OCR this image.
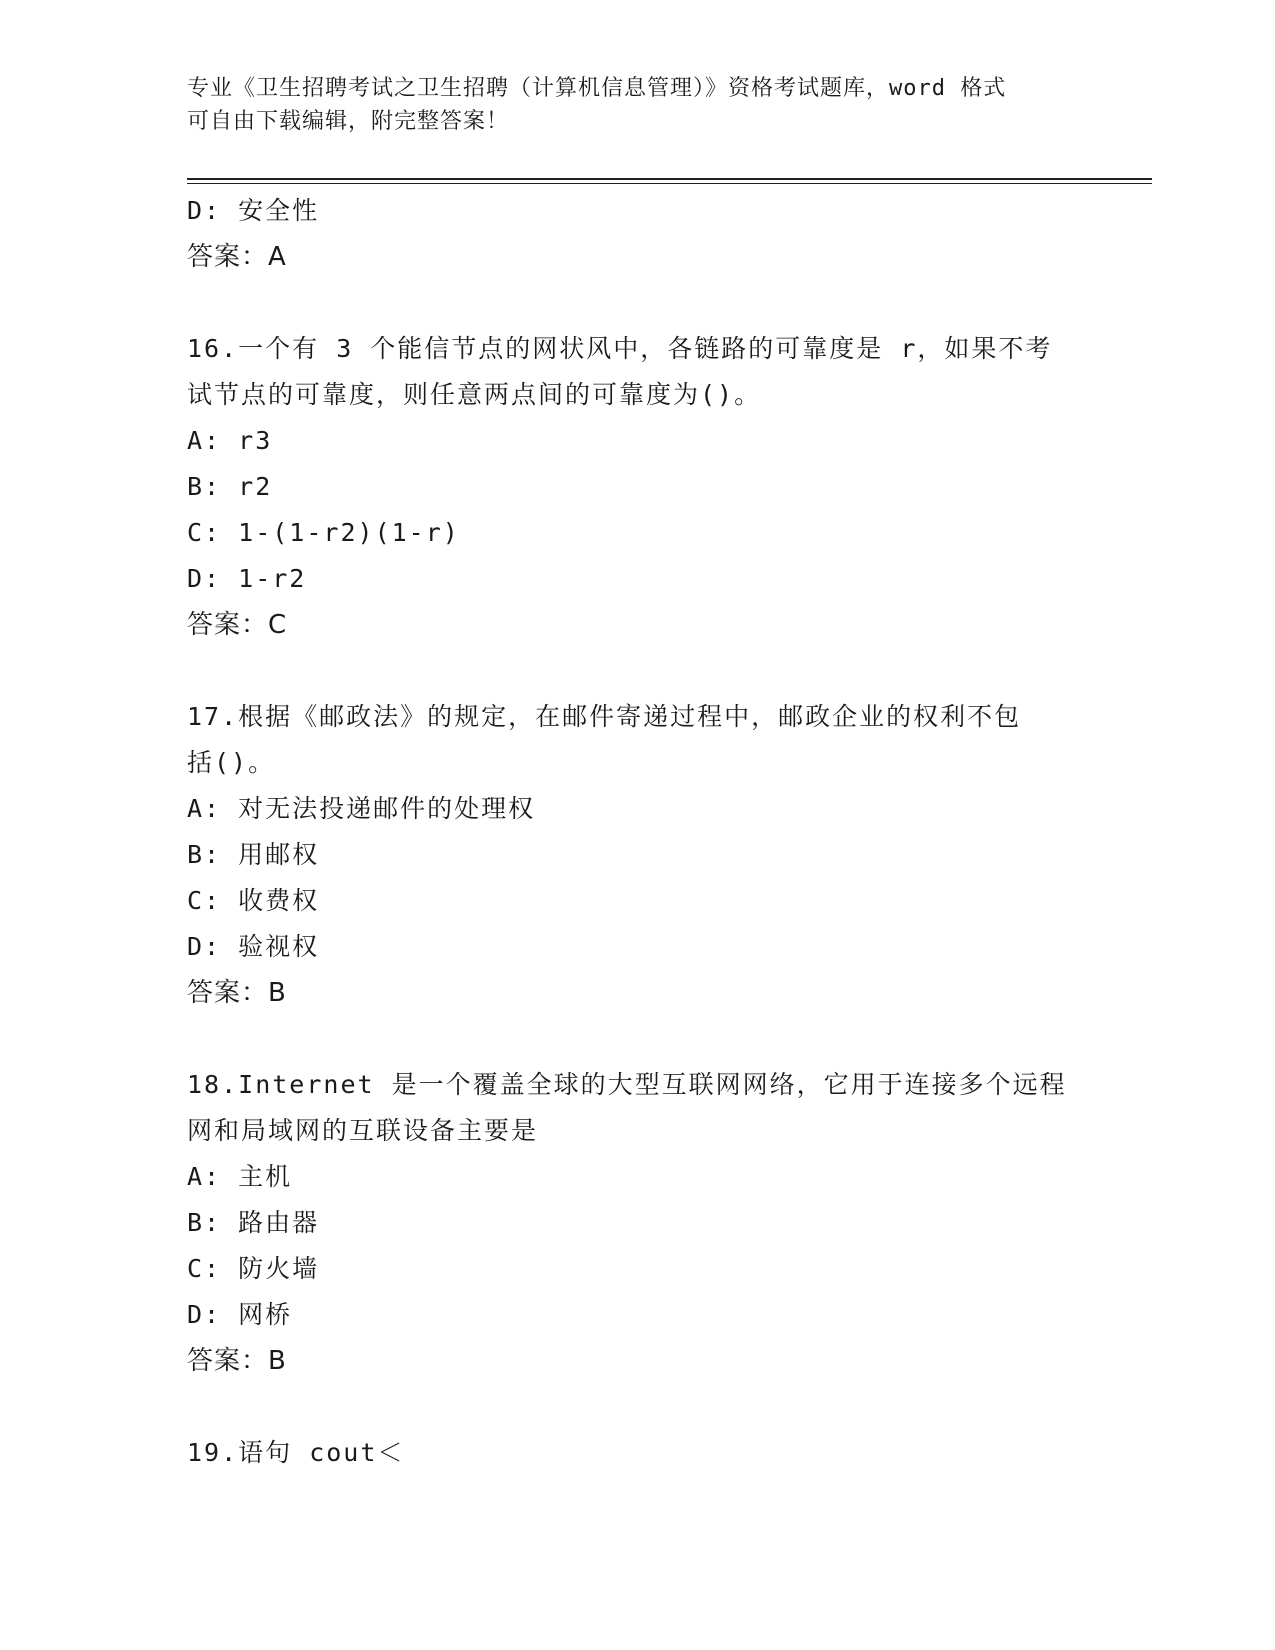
专业《卫生招聘考试之卫生招聘（计算机信息管理）》资格考试题库，word 格式
可自由下载编辑，附完整答案！
D: 安全性
答案：A
16.一个有 3 个能信节点的网状风中，各链路的可靠度是 r，如果不考
试节点的可靠度，则任意两点间的可靠度为()。
A: r3
B: r2
C: 1-(1-r2)(1-r)
D: 1-r2
答案：C
17.根据《邮政法》的规定，在邮件寄递过程中，邮政企业的权利不包
括()。
A: 对无法投递邮件的处理权
B: 用邮权
C: 收费权
D: 验视权
答案：B
18.Internet 是一个覆盖全球的大型互联网网络，它用于连接多个远程
网和局域网的互联设备主要是
A: 主机
B: 路由器
C: 防火墙
D: 网桥
答案：B
19.语句 cout＜
